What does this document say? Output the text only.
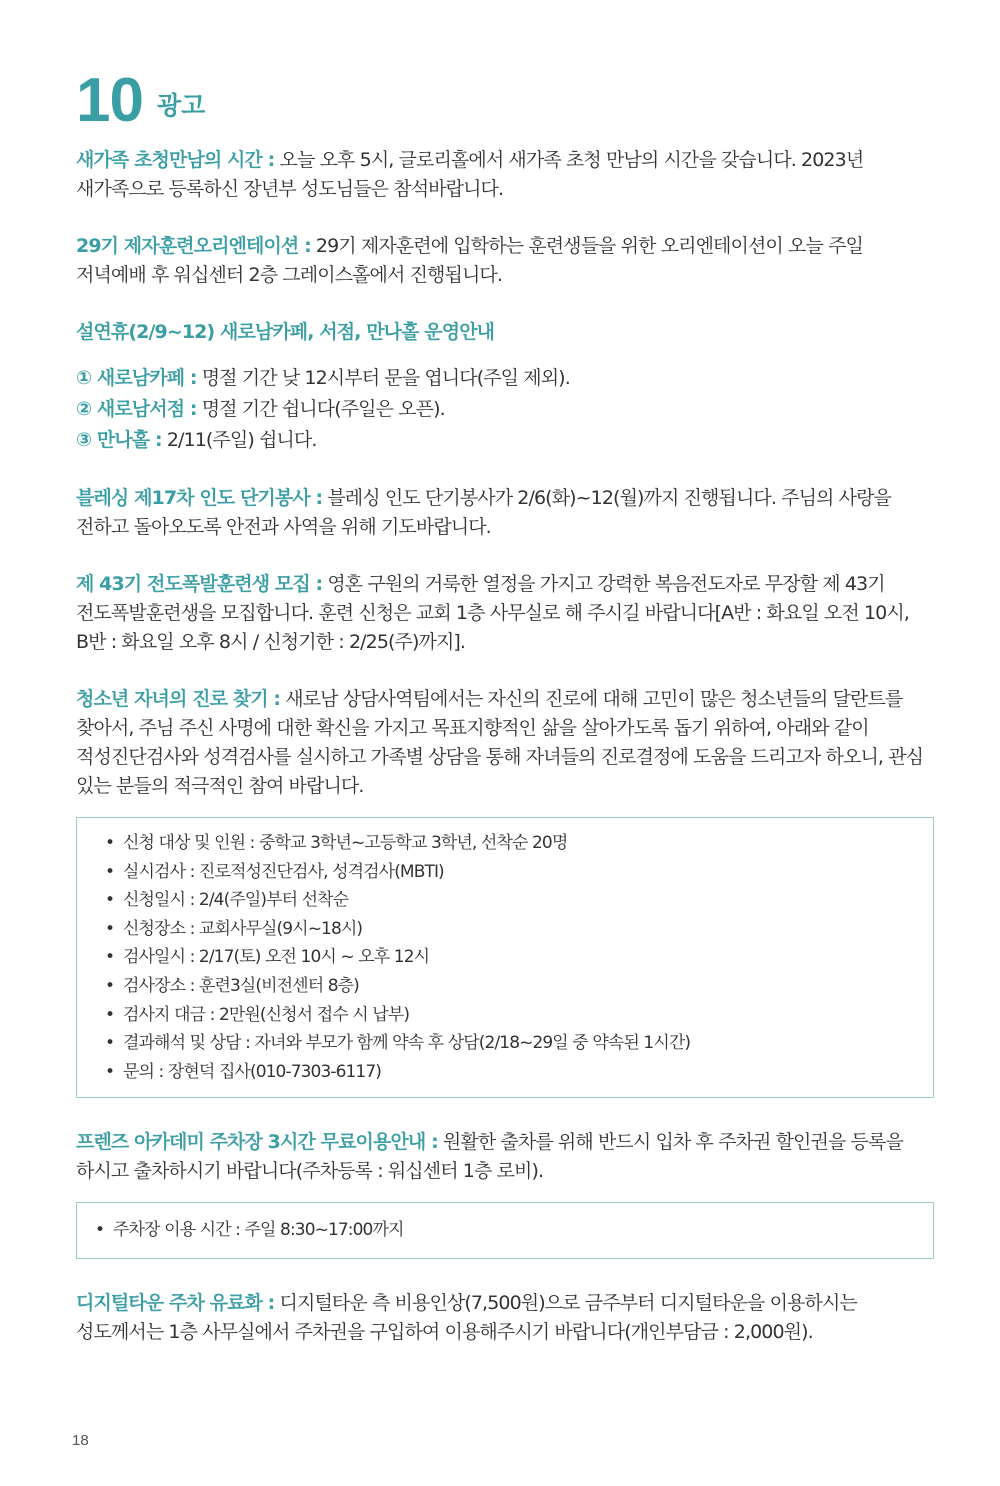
10 광고

새가족 초청만남의 시간 : 오늘 오후 5시, 글로리홀에서 새가족 초청 만남의 시간을 갖습니다. 2023년 새가족으로 등록하신 장년부 성도님들은 참석바랍니다.

29기 제자훈련오리엔테이션 : 29기 제자훈련에 입학하는 훈련생들을 위한 오리엔테이션이 오늘 주일 저녁예배 후 워십센터 2층 그레이스홀에서 진행됩니다.

설연휴(2/9~12) 새로남카페, 서점, 만나홀 운영안내

① 새로남카페 : 명절 기간 낮 12시부터 문을 엽니다(주일 제외).
② 새로남서점 : 명절 기간 쉽니다(주일은 오픈).
③ 만나홀 : 2/11(주일) 쉽니다.

블레싱 제17차 인도 단기봉사 : 블레싱 인도 단기봉사가 2/6(화)~12(월)까지 진행됩니다. 주님의 사랑을 전하고 돌아오도록 안전과 사역을 위해 기도바랍니다.

제 43기 전도폭발훈련생 모집 : 영혼 구원의 거룩한 열정을 가지고 강력한 복음전도자로 무장할 제 43기 전도폭발훈련생을 모집합니다. 훈련 신청은 교회 1층 사무실로 해 주시길 바랍니다[A반 : 화요일 오전 10시, B반 : 화요일 오후 8시 / 신청기한 : 2/25(주)까지].

청소년 자녀의 진로 찾기 : 새로남 상담사역팀에서는 자신의 진로에 대해 고민이 많은 청소년들의 달란트를 찾아서, 주님 주신 사명에 대한 확신을 가지고 목표지향적인 삶을 살아가도록 돕기 위하여, 아래와 같이 적성진단검사와 성격검사를 실시하고 가족별 상담을 통해 자녀들의 진로결정에 도움을 드리고자 하오니, 관심 있는 분들의 적극적인 참여 바랍니다.

• 신청 대상 및 인원 : 중학교 3학년~고등학교 3학년, 선착순 20명
• 실시검사 : 진로적성진단검사, 성격검사(MBTI)
• 신청일시 : 2/4(주일)부터 선착순
• 신청장소 : 교회사무실(9시~18시)
• 검사일시 : 2/17(토) 오전 10시 ~ 오후 12시
• 검사장소 : 훈련3실(비전센터 8층)
• 검사지 대금 : 2만원(신청서 접수 시 납부)
• 결과해석 및 상담 : 자녀와 부모가 함께 약속 후 상담(2/18~29일 중 약속된 1시간)
• 문의 : 장현덕 집사(010-7303-6117)

프렌즈 아카데미 주차장 3시간 무료이용안내 : 원활한 출차를 위해 반드시 입차 후 주차권 할인권을 등록을 하시고 출차하시기 바랍니다(주차등록 : 워십센터 1층 로비).

• 주차장 이용 시간 : 주일 8:30~17:00까지

디지털타운 주차 유료화 : 디지털타운 측 비용인상(7,500원)으로 금주부터 디지털타운을 이용하시는 성도께서는 1층 사무실에서 주차권을 구입하여 이용해주시기 바랍니다(개인부담금 : 2,000원).

18
